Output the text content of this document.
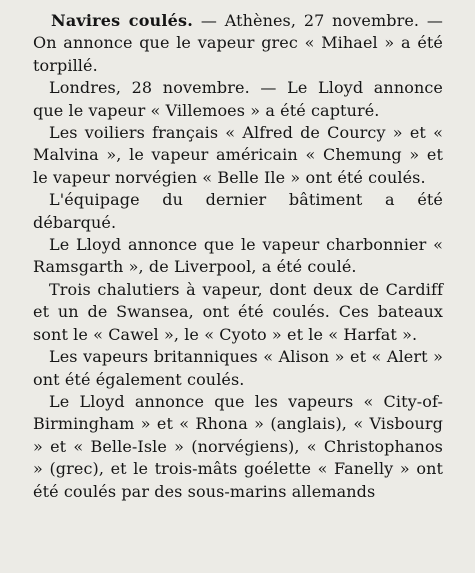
Navires coulés. — Athènes, 27 novembre. — On annonce que le vapeur grec « Mihael » a été torpillé.

Londres, 28 novembre. — Le Lloyd annonce que le vapeur « Villemoes » a été capturé.

Les voiliers français « Alfred de Courcy » et « Malvina », le vapeur américain « Chemung » et le vapeur norvégien « Belle Ile » ont été coulés.

L'équipage du dernier bâtiment a été débarqué.

Le Lloyd annonce que le vapeur charbonnier « Ramsgarth », de Liverpool, a été coulé.

Trois chalutiers à vapeur, dont deux de Cardiff et un de Swansea, ont été coulés. Ces bateaux sont le « Cawel », le « Cyoto » et le « Harfat ».

Les vapeurs britanniques « Alison » et « Alert » ont été également coulés.

Le Lloyd annonce que les vapeurs « City-of-Birmingham » et « Rhona » (anglais), « Visbourg » et « Belle-Isle » (norvégiens), « Christophanos » (grec), et le trois-mâts goélette « Fanelly » ont été coulés par des sous-marins allemands
